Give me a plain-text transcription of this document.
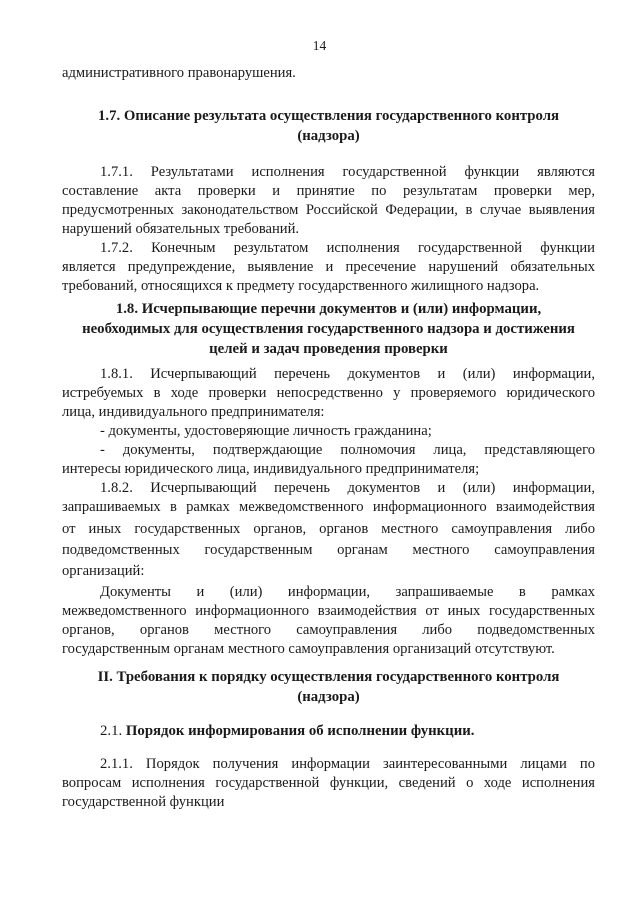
14
административного правонарушения.
1.7. Описание результата осуществления государственного контроля
(надзора)
1.7.1. Результатами исполнения государственной функции являются
составление акта проверки и принятие по результатам проверки мер,
предусмотренных законодательством Российской Федерации, в случае выявления
нарушений обязательных требований.
1.7.2. Конечным результатом исполнения государственной функции
является предупреждение, выявление и пресечение нарушений обязательных
требований, относящихся к предмету государственного жилищного надзора.
1.8. Исчерпывающие перечни документов и (или) информации,
необходимых для осуществления государственного надзора и достижения
целей и задач проведения проверки
1.8.1. Исчерпывающий перечень документов и (или) информации,
истребуемых в ходе проверки непосредственно у проверяемого юридического
лица, индивидуального предпринимателя:
- документы, удостоверяющие личность гражданина;
- документы, подтверждающие полномочия лица, представляющего
интересы юридического лица, индивидуального предпринимателя;
1.8.2. Исчерпывающий перечень документов и (или) информации,
запрашиваемых в рамках межведомственного информационного взаимодействия
от иных государственных органов, органов местного самоуправления либо
подведомственных государственным органам местного самоуправления
организаций:
Документы и (или) информации, запрашиваемые в рамках
межведомственного информационного взаимодействия от иных государственных
органов, органов местного самоуправления либо подведомственных
государственным органам местного самоуправления организаций отсутствуют.
II. Требования к порядку осуществления государственного контроля
(надзора)
2.1. Порядок информирования об исполнении функции.
2.1.1. Порядок получения информации заинтересованными лицами по
вопросам исполнения государственной функции, сведений о ходе исполнения
государственной функции
